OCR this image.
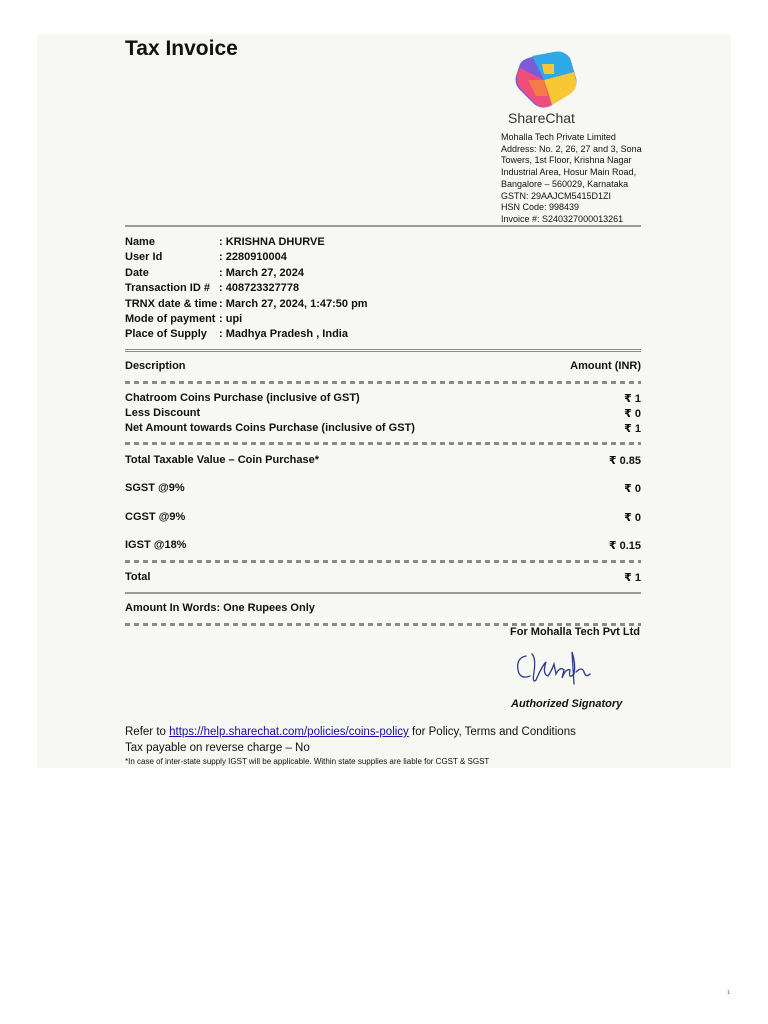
Tax Invoice
ShareChat
Mohalla Tech Private Limited
Address: No. 2, 26, 27 and 3, Sona
Towers, 1st Floor, Krishna Nagar
Industrial Area, Hosur Main Road,
Bangalore – 560029, Karnataka
GSTN: 29AAJCM5415D1ZI
HSN Code: 998439
Invoice #: S240327000013261
Name	: KRISHNA DHURVE
User Id	: 2280910004
Date	: March 27, 2024
Transaction ID # : 408723327778
TRNX date & time : March 27, 2024, 1:47:50 pm
Mode of payment : upi
Place of Supply	: Madhya Pradesh , India
Description	Amount (INR)
Chatroom Coins Purchase (inclusive of GST)	₹ 1
Less Discount	₹ 0
Net Amount towards Coins Purchase (inclusive of GST)	₹ 1
Total Taxable Value – Coin Purchase*	₹ 0.85
SGST @9%	₹ 0
CGST @9%	₹ 0
IGST @18%	₹ 0.15
Total	₹ 1
Amount In Words: One Rupees Only
For Mohalla Tech Pvt Ltd
Authorized Signatory
Refer to https://help.sharechat.com/policies/coins-policy for Policy, Terms and Conditions
Tax payable on reverse charge – No
*In case of inter-state supply IGST will be applicable. Within state supplies are liable for CGST & SGST
1
